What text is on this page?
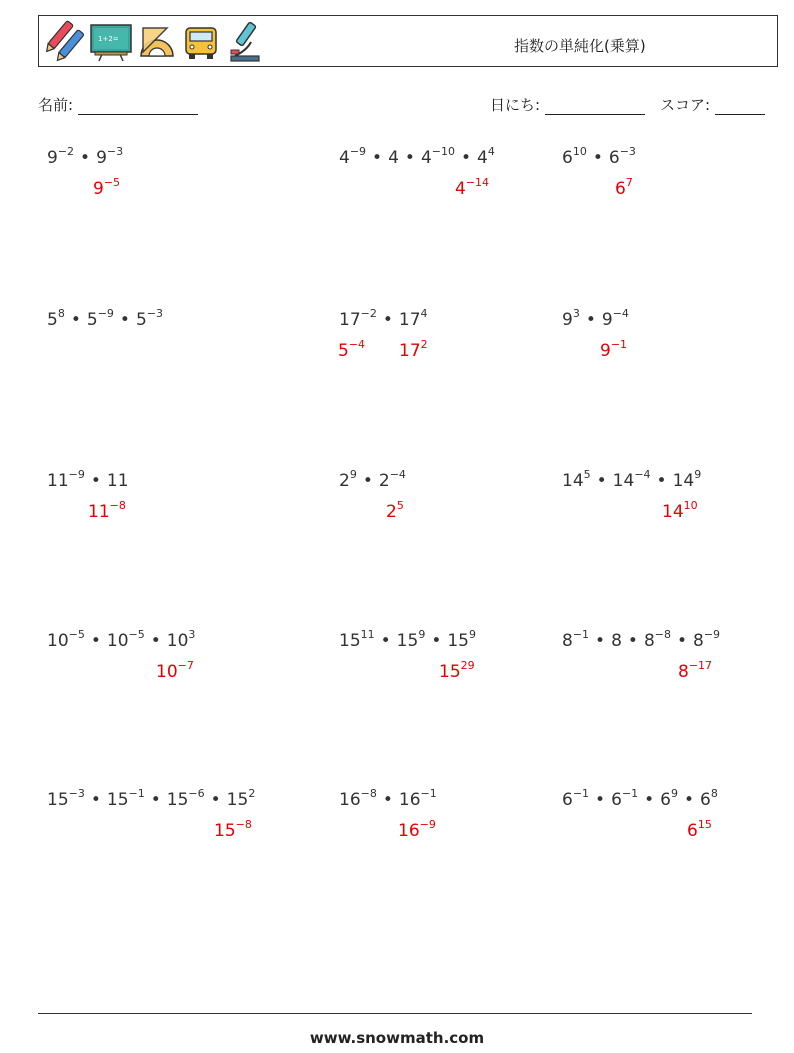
1+2=	指数の単純化(乗算)
名前:	日にち:	スコア:
$9^{-2}$ • $9^{-3}$
$9^{-5}$
$4^{-9}$ • 4 • $4^{-10}$ • $4^4$
$4^{-14}$
$6^{10}$ • $6^{-3}$
$6^7$
$5^8$ • $5^{-9}$ • $5^{-3}$
$5^{-4}$
$17^{-2}$ • $17^4$
$17^2$
$9^3$ • $9^{-4}$
$9^{-1}$
$11^{-9}$ • 11
$11^{-8}$
$2^9$ • $2^{-4}$
$2^5$
$14^5$ • $14^{-4}$ • $14^9$
$14^{10}$
$10^{-5}$ • $10^{-5}$ • $10^3$
$10^{-7}$
$15^{11}$ • $15^9$ • $15^9$
$15^{29}$
$8^{-1}$ • 8 • $8^{-8}$ • $8^{-9}$
$8^{-17}$
$15^{-3}$ • $15^{-1}$ • $15^{-6}$ • $15^2$
$15^{-8}$
$16^{-8}$ • $16^{-1}$
$16^{-9}$
$6^{-1}$ • $6^{-1}$ • $6^9$ • $6^8$
$6^{15}$
www.snowmath.com
